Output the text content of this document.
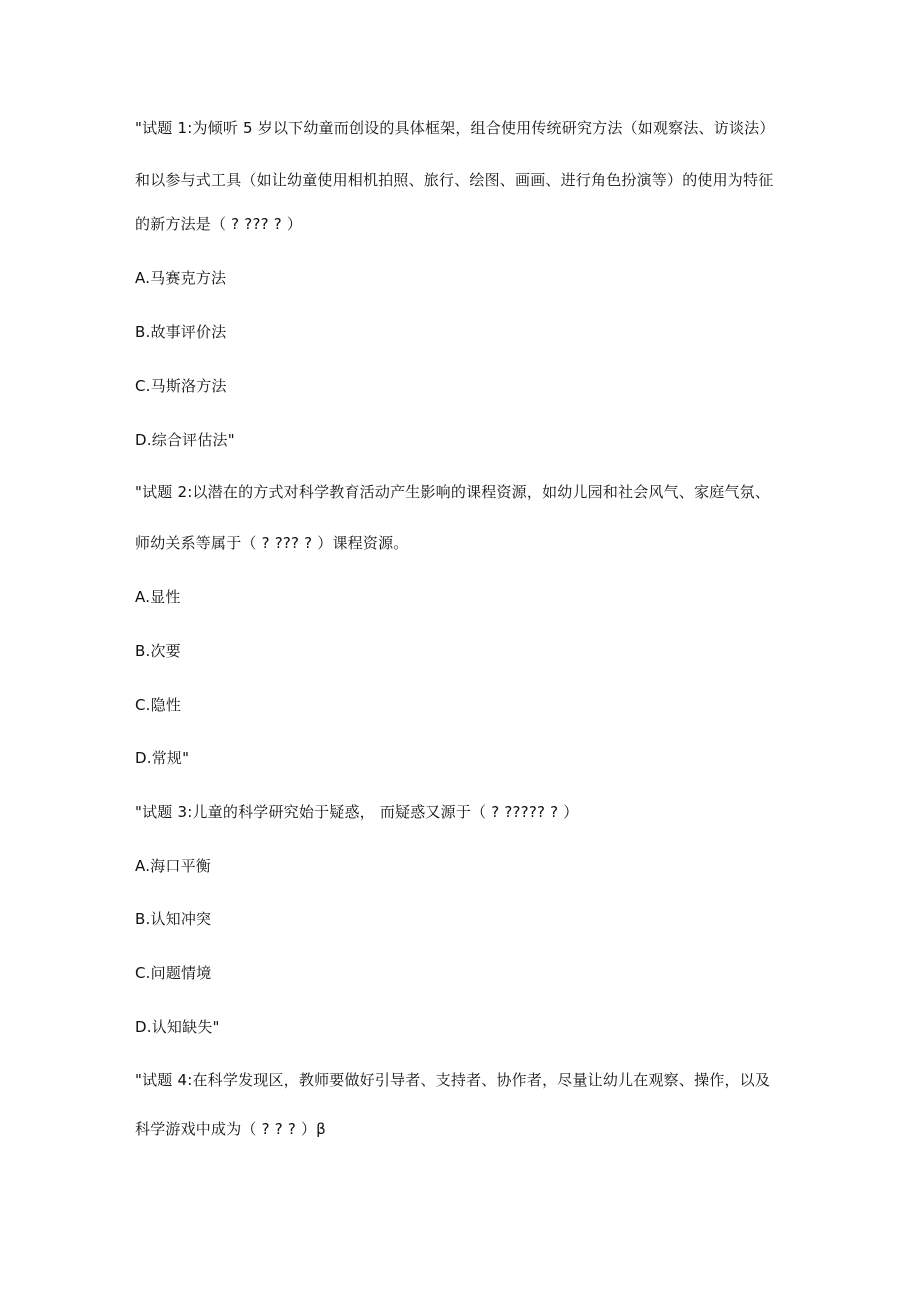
"试题 1:为倾听 5 岁以下幼童而创设的具体框架，组合使用传统研究方法（如观察法、访谈法）
和以参与式工具（如让幼童使用相机拍照、旅行、绘图、画画、进行角色扮演等）的使用为特征
的新方法是（ ? ??? ? ）
A.马赛克方法
B.故事评价法
C.马斯洛方法
D.综合评估法"
"试题 2:以潜在的方式对科学教育活动产生影响的课程资源，如幼儿园和社会风气、家庭气氛、
师幼关系等属于（ ? ??? ? ）课程资源。
A.显性
B.次要
C.隐性
D.常规"
"试题 3:儿童的科学研究始于疑惑， 而疑惑又源于（ ? ????? ? ）
A.海口平衡
B.认知冲突
C.问题情境
D.认知缺失"
"试题 4:在科学发现区，教师要做好引导者、支持者、协作者，尽量让幼儿在观察、操作，以及
科学游戏中成为（ ? ? ? ）β
